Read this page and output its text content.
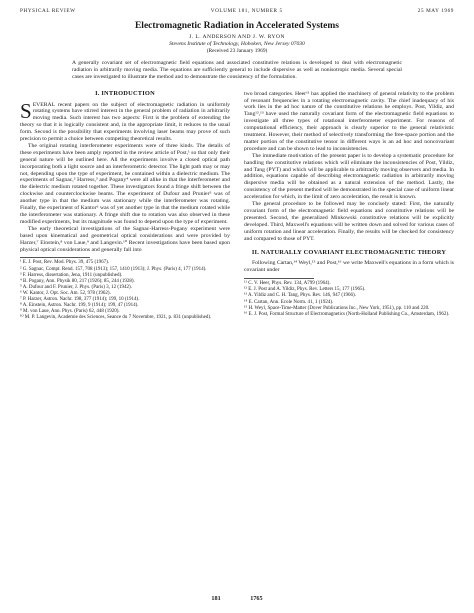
PHYSICAL REVIEW	VOLUME 181, NUMBER 5	25 MAY 1969
Electromagnetic Radiation in Accelerated Systems
J. L. ANDERSON AND J. W. RYON
Stevens Institute of Technology, Hoboken, New Jersey 07030
(Received 23 January 1969)
A generally covariant set of electromagnetic field equations and associated constitutive relations is developed to deal with electromagnetic radiation in arbitrarily moving media. The equations are sufficiently general to include dispersive as well as nonisotropic media. Several special cases are investigated to illustrate the method and to demonstrate the consistency of the formulation.
I. INTRODUCTION

SEVERAL recent papers on the subject of electromagnetic radiation in uniformly rotating systems have stirred interest in the general problem of radiation in arbitrarily moving media. Such interest has two aspects: First is the problem of extending the theory so that it is logically consistent and, in the appropriate limit, it reduces to the usual form. Second is the possibility that experiments involving laser beams may prove of such precision to permit a choice between competing theoretical results.

The original rotating interferometer experiments were of three kinds. The details of these experiments have been amply reported in the review article of Post,¹ so that only their general nature will be outlined here. All the experiments involve a closed optical path incorporating both a light source and an interferometric detector. The light path may or may not, depending upon the type of experiment, be contained within a dielectric medium. The experiments of Sagnac,² Harress,³ and Pogany⁴ were all alike in that the interferometer and the dielectric medium rotated together. These investigators found a fringe shift between the clockwise and counterclockwise beams. The experiment of Dufour and Prunier⁵ was of another type in that the medium was stationary while the interferometer was rotating. Finally, the experiment of Kantor⁶ was of yet another type in that the medium rotated while the interferometer was stationary. A fringe shift due to rotation was also observed in these modified experiments, but its magnitude was found to depend upon the type of experiment.

The early theoretical investigations of the Sagnac-Harress-Pogany experiment were based upon kinematical and geometrical optical considerations and were provided by Harzer,⁷ Einstein,⁸ von Laue,⁹ and Langevin.¹⁰ Recent investigations have been based upon physical optical considerations and generally fall into

¹ E. J. Post, Rev. Mod. Phys. 39, 475 (1967).
² G. Sagnac, Compt. Rend. 157, 708 (1913); 157, 1410 (1913); J. Phys. (Paris) 4, 177 (1914).
³ F. Harress, dissertation, Jena, 1911 (unpublished).
⁴ B. Pogany, Ann. Physik 80, 217 (1926); 85, 244 (1928).
⁵ A. Dufour and F. Prunier, J. Phys. (Paris) 3, 12 (1942).
⁶ W. Kantor, J. Opt. Soc. Am. 52, 978 (1962).
⁷ P. Harzer, Astron. Nachr. 198, 377 (1914); 199, 10 (1914).
⁸ A. Einstein, Astron. Nachr. 199, 9 (1914); 199, 47 (1914).
⁹ M. von Laue, Ann. Phys. (Paris) 62, 448 (1920).
¹⁰ M. P. Langevin, Academie des Sciences, Seance du 7 Novembre, 1921, p. 831 (unpublished).

two broad categories. Heer¹¹ has applied the machinery of general relativity to the problem of resonant frequencies in a rotating electromagnetic cavity. The chief inadequacy of his work lies in the ad hoc nature of the constitutive relations he employs. Post, Yildiz, and Tang¹²,¹³ have used the naturally covariant form of the electromagnetic field equations to investigate all three types of rotational interferometer experiment. For reasons of computational efficiency, their approach is clearly superior to the general relativistic treatment. However, their method of selectively transforming the free-space portion and the matter portion of the constitutive tensor in different ways is an ad hoc and noncovariant procedure and can be shown to lead to inconsistencies.

The immediate motivation of the present paper is to develop a systematic procedure for handling the constitutive relations which will eliminate the inconsistencies of Post, Yildiz, and Tang (PYT) and which will be applicable to arbitrarily moving observers and media. In addition, equations capable of describing electromagnetic radiation in arbitrarily moving dispersive media will be obtained as a natural extension of the method. Lastly, the consistency of the present method will be demonstrated in the special case of uniform linear acceleration for which, in the limit of zero acceleration, the result is known.

The general procedure to be followed may be concisely stated: First, the naturally covariant form of the electromagnetic field equations and constitutive relations will be presented. Second, the generalized Minkowski constitutive relations will be explicitly developed. Third, Maxwell's equations will be written down and solved for various cases of uniform rotation and linear acceleration. Finally, the results will be checked for consistency and compared to those of PYT.

II. NATURALLY COVARIANT ELECTROMAGNETIC THEORY

Following Cartan,¹⁴ Weyl,¹⁵ and Post,¹⁶ we write Maxwell's equations in a form which is covariant under

¹¹ C. V. Heer, Phys. Rev. 134, A799 (1964).
¹² E. J. Post and A. Yildiz, Phys. Rev. Letters 15, 177 (1965).
¹³ A. Yildiz and C. H. Tang, Phys. Rev. 146, 947 (1966).
¹⁴ E. Cartan, Ann. Ecole Norm. 41, 1 (1924).
¹⁵ H. Weyl, Space-Time-Matter (Dover Publications Inc., New York, 1951), pp. 110 and 220.
¹⁶ E. J. Post, Formal Structure of Electromagnetics (North-Holland Publishing Co., Amsterdam, 1962).
181	1765
